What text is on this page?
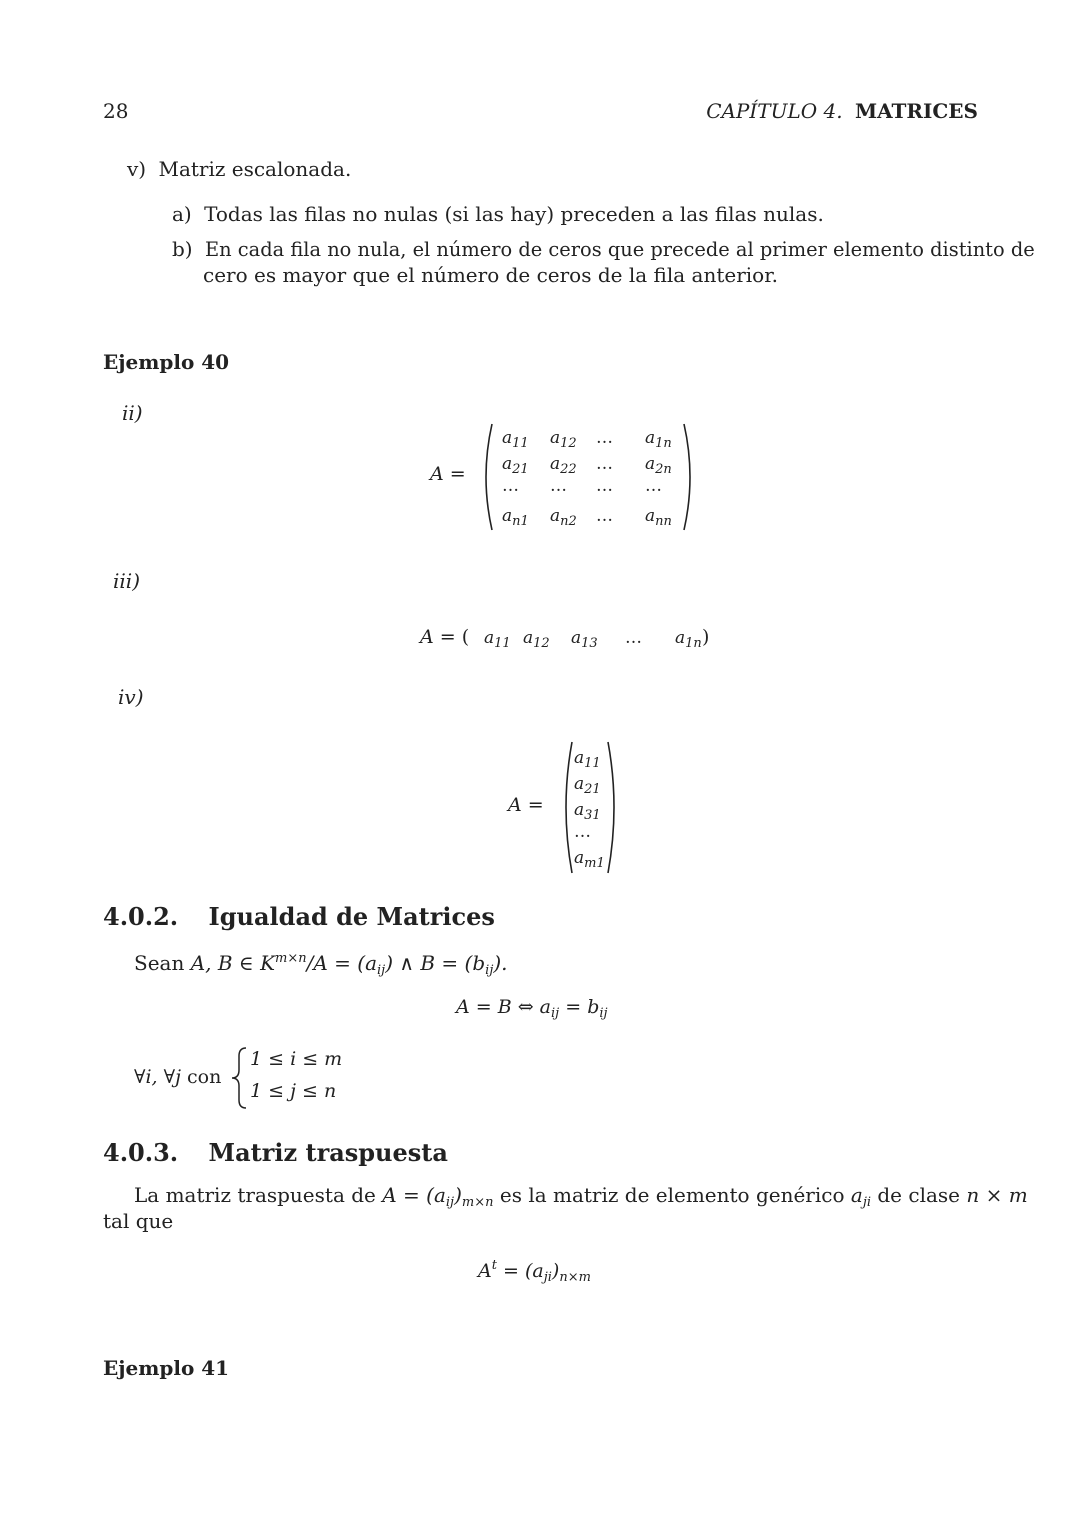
28	CAPÍTULO 4. MATRICES
v) Matriz escalonada.
a) Todas las filas no nulas (si las hay) preceden a las filas nulas.
b) En cada fila no nula, el número de ceros que precede al primer elemento distinto de
cero es mayor que el número de ceros de la fila anterior.
Ejemplo 40
ii)
A =
$a_{11}$ $a_{12}$ … $a_{1n}$
$a_{21}$ $a_{22}$ … $a_{2n}$
… … … …
$a_{n1}$ $a_{n2}$ … $a_{nn}$
iii)
A = ( $a_{11}$ $a_{12}$ $a_{13}$ … $a_{1n}$ )
iv)
A =
$a_{11}$
$a_{21}$
$a_{31}$
…
$a_{m1}$
4.0.2. Igualdad de Matrices
Sean A, B ∈ $K^{m\times n}/A = (a_{ij})$ ∧ $B = (b_{ij})$.
A = B ⇔ $a_{ij} = b_{ij}$
∀i, ∀j con
1 ≤ i ≤ m
1 ≤ j ≤ n
4.0.3. Matriz traspuesta
La matriz traspuesta de $A = (a_{ij})_{m\times n}$ es la matriz de elemento genérico $a_{ji}$ de clase n × m
tal que
$A^t = (a_{ji})_{n\times m}$
Ejemplo 41
